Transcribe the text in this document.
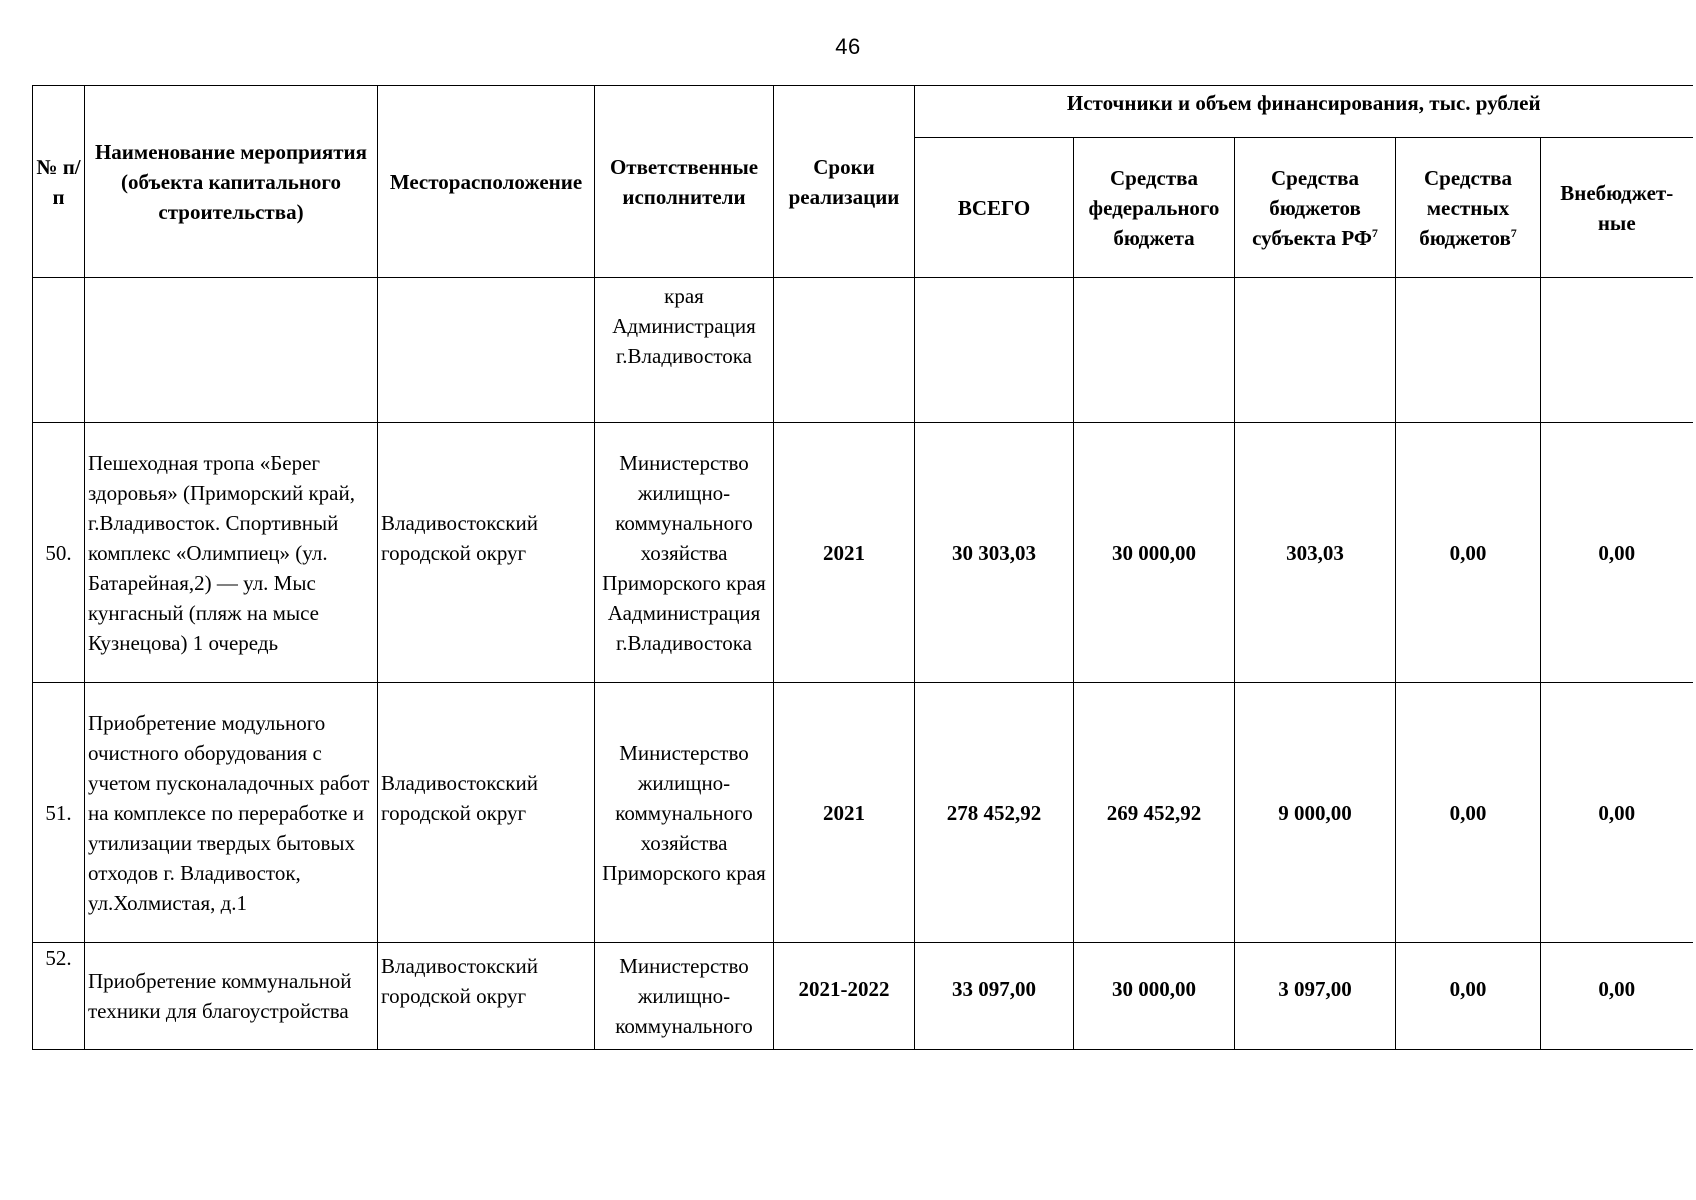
46
№ п/п	Наименование мероприятия (объекта капитального строительства)	Месторасположение	Ответственные исполнители	Сроки реализации	Источники и объем финансирования, тыс. рублей				
					ВСЕГО	Средства федерального бюджета	Средства бюджетов субъекта $РФ^7$	Средства местных бюджетов$^7$	Внебюджет-ные
			края Администрация г.Владивостока						
50.	Пешеходная тропа «Берег здоровья» (Приморский край, г.Владивосток. Спортивный комплекс «Олимпиец» (ул. Батарейная,2) — ул. Мыс кунгасный (пляж на мысе Кузнецова) 1 очередь	Владивостокский городской округ	Министерство жилищно-коммунального хозяйства Приморского края Аадминистрация г.Владивостока	2021	30 303,03	30 000,00	303,03	0,00	0,00
51.	Приобретение модульного очистного оборудования с учетом пусконаладочных работ на комплексе по переработке и утилизации твердых бытовых отходов г. Владивосток, ул.Холмистая, д.1	Владивостокский городской округ	Министерство жилищно-коммунального хозяйства Приморского края	2021	278 452,92	269 452,92	9 000,00	0,00	0,00
52.	Приобретение коммунальной техники для благоустройства	Владивостокский городской округ	Министерство жилищно-коммунального	2021-2022	33 097,00	30 000,00	3 097,00	0,00	0,00
